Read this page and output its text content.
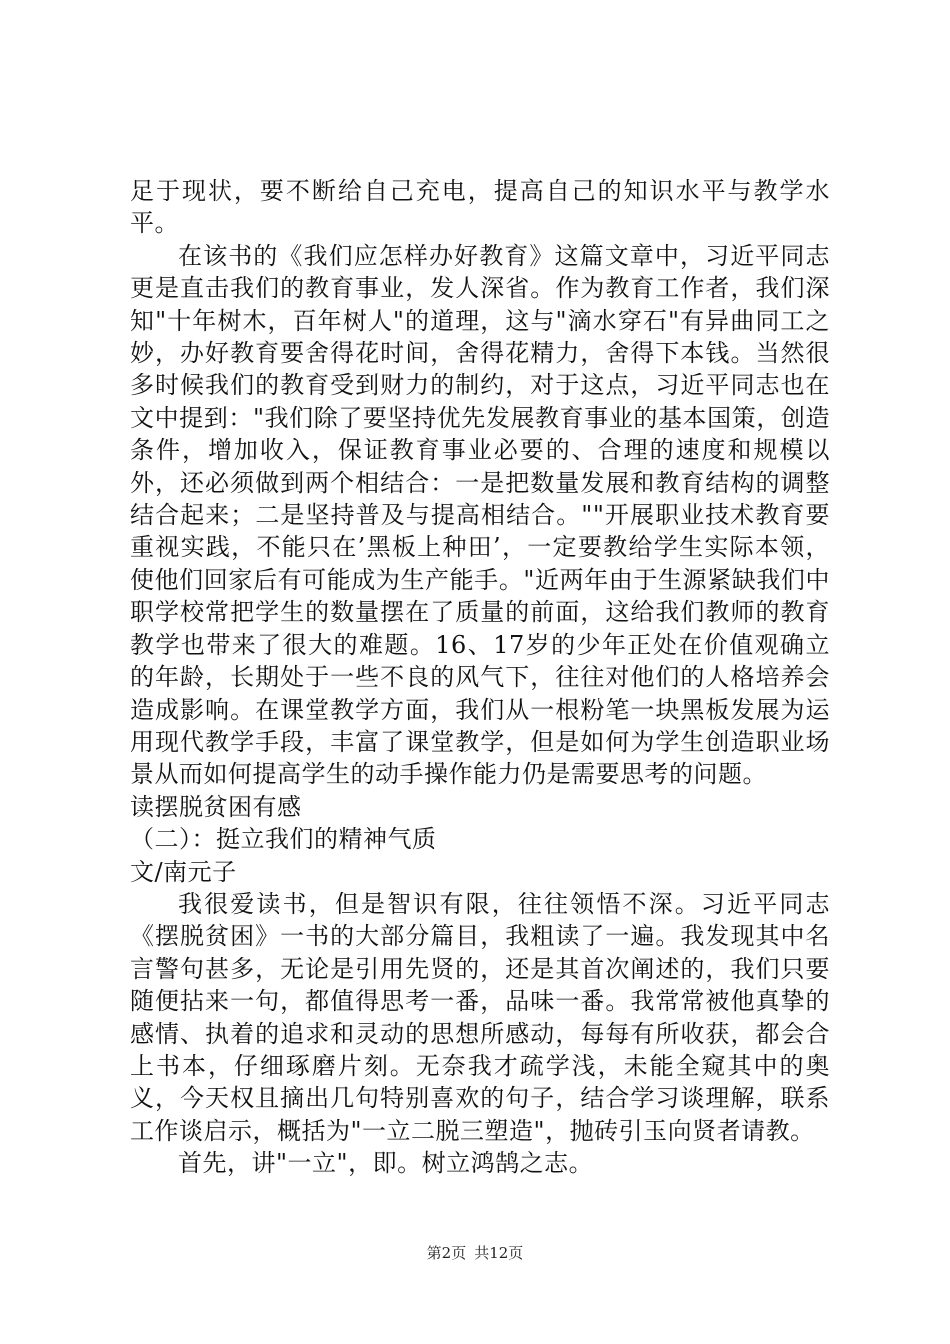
足于现状，要不断给自己充电，提高自己的知识水平与教学水平。

在该书的《我们应怎样办好教育》这篇文章中，习近平同志更是直击我们的教育事业，发人深省。作为教育工作者，我们深知"十年树木，百年树人"的道理，这与"滴水穿石"有异曲同工之妙，办好教育要舍得花时间，舍得花精力，舍得下本钱。当然很多时候我们的教育受到财力的制约，对于这点，习近平同志也在文中提到："我们除了要坚持优先发展教育事业的基本国策，创造条件，增加收入，保证教育事业必要的、合理的速度和规模以外，还必须做到两个相结合：一是把数量发展和教育结构的调整结合起来；二是坚持普及与提高相结合。""开展职业技术教育要重视实践，不能只在’黑板上种田’，一定要教给学生实际本领，使他们回家后有可能成为生产能手。"近两年由于生源紧缺我们中职学校常把学生的数量摆在了质量的前面，这给我们教师的教育教学也带来了很大的难题。16、17岁的少年正处在价值观确立的年龄，长期处于一些不良的风气下，往往对他们的人格培养会造成影响。在课堂教学方面，我们从一根粉笔一块黑板发展为运用现代教学手段，丰富了课堂教学，但是如何为学生创造职业场景从而如何提高学生的动手操作能力仍是需要思考的问题。

读摆脱贫困有感

（二）：挺立我们的精神气质

文/南元子

我很爱读书，但是智识有限，往往领悟不深。习近平同志《摆脱贫困》一书的大部分篇目，我粗读了一遍。我发现其中名言警句甚多，无论是引用先贤的，还是其首次阐述的，我们只要随便拈来一句，都值得思考一番，品味一番。我常常被他真挚的感情、执着的追求和灵动的思想所感动，每每有所收获，都会合上书本，仔细琢磨片刻。无奈我才疏学浅，未能全窥其中的奥义，今天权且摘出几句特别喜欢的句子，结合学习谈理解，联系工作谈启示，概括为"一立二脱三塑造"，抛砖引玉向贤者请教。

首先，讲"一立"，即。树立鸿鹄之志。

第2页 共12页
